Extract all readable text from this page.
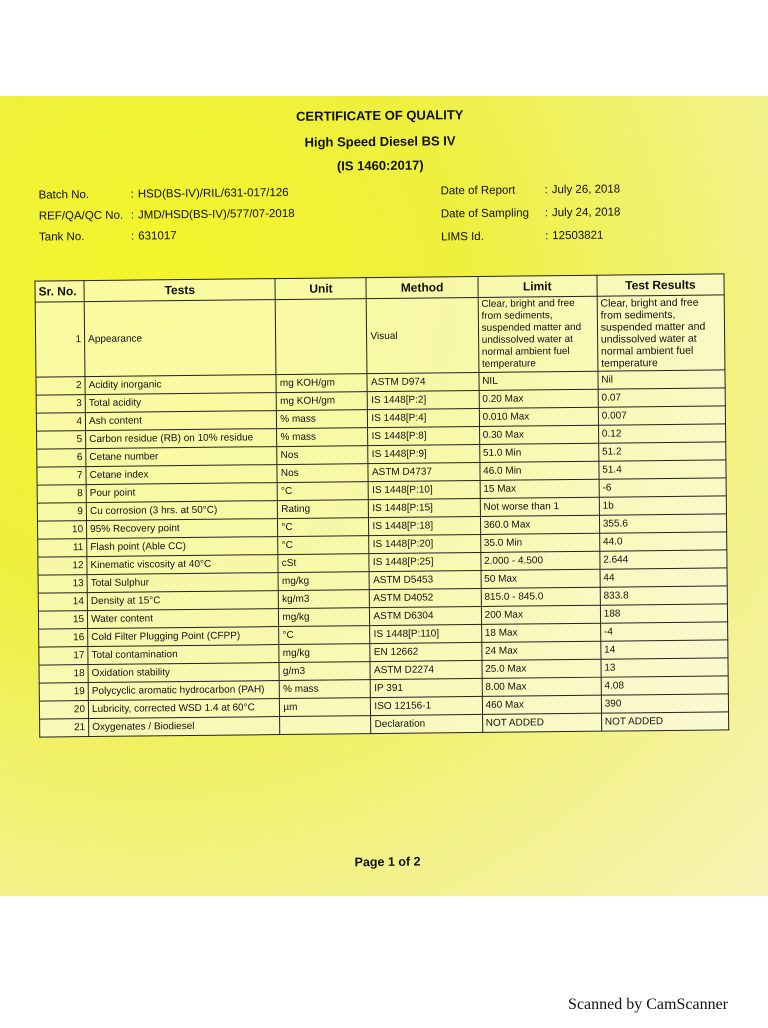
CERTIFICATE OF QUALITY
High Speed Diesel BS IV
(IS 1460:2017)
Batch No.	: HSD(BS-IV)/RIL/631-017/126
REF/QA/QC No. : JMD/HSD(BS-IV)/577/07-2018
Tank No.	: 631017
Date of Report	: July 26, 2018
Date of Sampling : July 24, 2018
LIMS Id.	: 12503821
Sr. No.	Tests	Unit	Method	Limit	Test Results
1	Appearance		Visual	Clear, bright and free from sediments, suspended matter and undissolved water at normal ambient fuel temperature	Clear, bright and free from sediments, suspended matter and undissolved water at normal ambient fuel temperature
2	Acidity inorganic	mg KOH/gm	ASTM D974	NIL	Nil
3	Total acidity	mg KOH/gm	IS 1448[P:2]	0.20 Max	0.07
4	Ash content	% mass	IS 1448[P:4]	0.010 Max	0.007
5	Carbon residue (RB) on 10% residue	% mass	IS 1448[P:8]	0.30 Max	0.12
6	Cetane number	Nos	IS 1448[P:9]	51.0 Min	51.2
7	Cetane index	Nos	ASTM D4737	46.0 Min	51.4
8	Pour point	°C	IS 1448[P:10]	15 Max	-6
9	Cu corrosion (3 hrs. at 50°C)	Rating	IS 1448[P:15]	Not worse than 1	1b
10	95% Recovery point	°C	IS 1448[P:18]	360.0 Max	355.6
11	Flash point (Able CC)	°C	IS 1448[P:20]	35.0 Min	44.0
12	Kinematic viscosity at 40°C	cSt	IS 1448[P:25]	2.000 - 4.500	2.644
13	Total Sulphur	mg/kg	ASTM D5453	50 Max	44
14	Density at 15°C	kg/m3	ASTM D4052	815.0 - 845.0	833.8
15	Water content	mg/kg	ASTM D6304	200 Max	188
16	Cold Filter Plugging Point (CFPP)	°C	IS 1448[P:110]	18 Max	-4
17	Total contamination	mg/kg	EN 12662	24 Max	14
18	Oxidation stability	g/m3	ASTM D2274	25.0 Max	13
19	Polycyclic aromatic hydrocarbon (PAH)	% mass	IP 391	8.00 Max	4.08
20	Lubricity, corrected WSD 1.4 at 60°C	µm	ISO 12156-1	460 Max	390
21	Oxygenates / Biodiesel		Declaration	NOT ADDED	NOT ADDED
Page 1 of 2
Scanned by CamScanner
